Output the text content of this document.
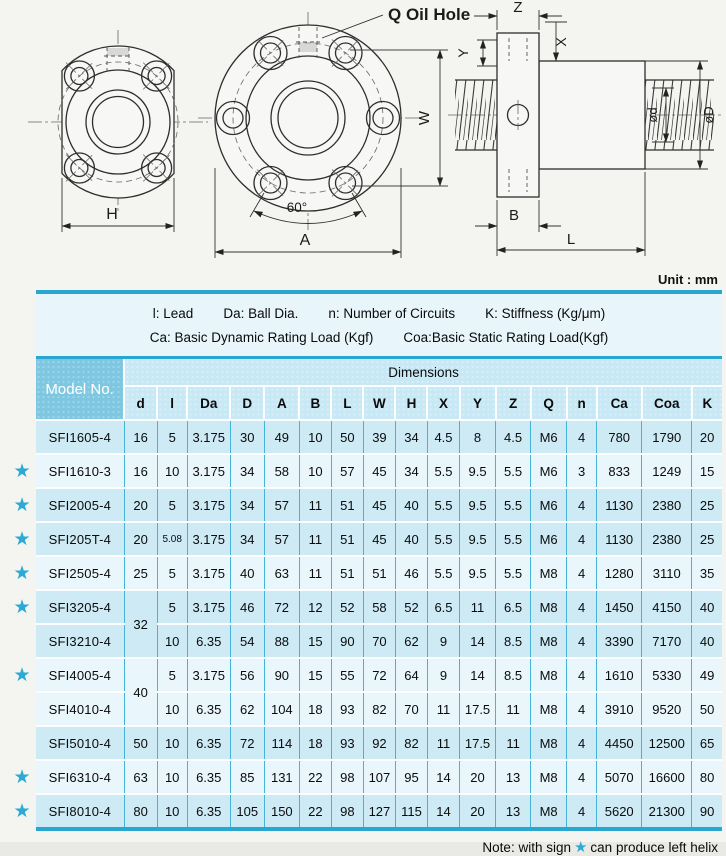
H
Q Oil Hole
60°
W
A
Z
Y
X
B
L
ød	øD
Unit : mm

l: Lead Da: Ball Dia. n: Number of Circuits K: Stiffness (Kg/μm)
Ca: Basic Dynamic Rating Load (Kgf) Coa:Basic Static Rating Load(Kgf)

	Model No.	Dimensions																
		d	l	Da	D	A	B	L	W	H	X	Y	Z	Q	n	Ca	Coa	K
	SFI1605-4	16	5	3.175	30	49	10	50	39	34	4.5	8	4.5	M6	4	780	1790	20
★	SFI1610-3	16	10	3.175	34	58	10	57	45	34	5.5	9.5	5.5	M6	3	833	1249	15
★	SFI2005-4	20	5	3.175	34	57	11	51	45	40	5.5	9.5	5.5	M6	4	1130	2380	25
★	SFI205T-4	20	5.08	3.175	34	57	11	51	45	40	5.5	9.5	5.5	M6	4	1130	2380	25
★	SFI2505-4	25	5	3.175	40	63	11	51	51	46	5.5	9.5	5.5	M8	4	1280	3110	35
★	SFI3205-4	32	5	3.175	46	72	12	52	58	52	6.5	11	6.5	M8	4	1450	4150	40
	SFI3210-4		10	6.35	54	88	15	90	70	62	9	14	8.5	M8	4	3390	7170	40
★	SFI4005-4	40	5	3.175	56	90	15	55	72	64	9	14	8.5	M8	4	1610	5330	49
	SFI4010-4		10	6.35	62	104	18	93	82	70	11	17.5	11	M8	4	3910	9520	50
	SFI5010-4	50	10	6.35	72	114	18	93	92	82	11	17.5	11	M8	4	4450	12500	65
★	SFI6310-4	63	10	6.35	85	131	22	98	107	95	14	20	13	M8	4	5070	16600	80
★	SFI8010-4	80	10	6.35	105	150	22	98	127	115	14	20	13	M8	4	5620	21300	90
Note: with sign ★ can produce left helix
